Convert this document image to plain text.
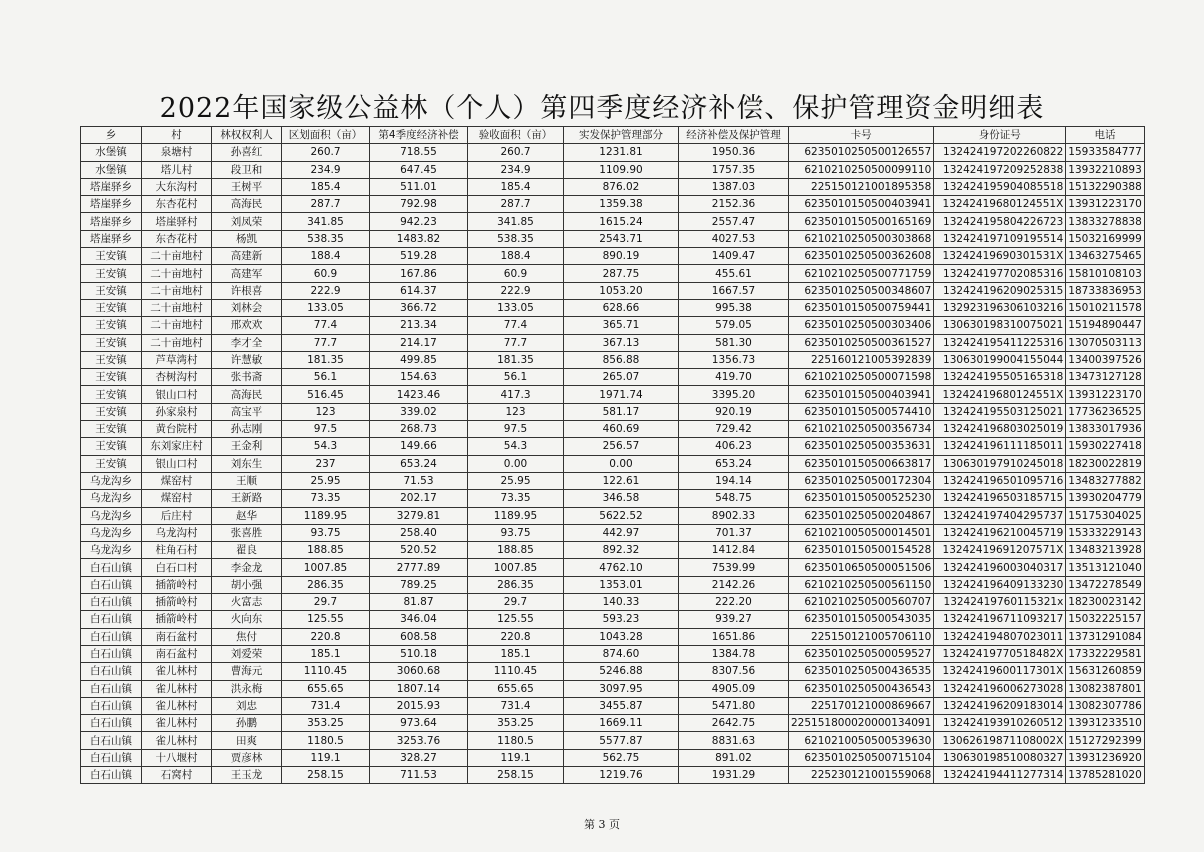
2022年国家级公益林（个人）第四季度经济补偿、保护管理资金明细表
乡	村	林权权利人	区划面积（亩）	第4季度经济补偿	验收面积（亩）	实发保护管理部分	经济补偿及保护管理	卡号	身份证号	电话
水堡镇	泉塘村	孙喜红	260.7	718.55	260.7	1231.81	1950.36	6235010250500126557	132424197202260822	15933584777
水堡镇	塔儿村	段卫和	234.9	647.45	234.9	1109.90	1757.35	6210210250500099110	132424197209252838	13932210893
塔崖驿乡	大东沟村	王树平	185.4	511.01	185.4	876.02	1387.03	225150121001895358	132424195904085518	15132290388
塔崖驿乡	东杏花村	高海民	287.7	792.98	287.7	1359.38	2152.36	6235010150500403941	13242419680124551X	13931223170
塔崖驿乡	塔崖驿村	刘凤荣	341.85	942.23	341.85	1615.24	2557.47	6235010150500165169	132424195804226723	13833278838
塔崖驿乡	东杏花村	杨凯	538.35	1483.82	538.35	2543.71	4027.53	6210210250500303868	132424197109195514	15032169999
王安镇	二十亩地村	高建新	188.4	519.28	188.4	890.19	1409.47	6235010250500362608	13242419690301531X	13463275465
王安镇	二十亩地村	高建军	60.9	167.86	60.9	287.75	455.61	6210210250500771759	132424197702085316	15810108103
王安镇	二十亩地村	许根喜	222.9	614.37	222.9	1053.20	1667.57	6235010250500348607	132424196209025315	18733836953
王安镇	二十亩地村	刘林会	133.05	366.72	133.05	628.66	995.38	6235010150500759441	132923196306103216	15010211578
王安镇	二十亩地村	邢欢欢	77.4	213.34	77.4	365.71	579.05	6235010250500303406	130630198310075021	15194890447
王安镇	二十亩地村	李才全	77.7	214.17	77.7	367.13	581.30	6235010250500361527	132424195411225316	13070503113
王安镇	芦草湾村	许慧敏	181.35	499.85	181.35	856.88	1356.73	225160121005392839	130630199004155044	13400397526
王安镇	杏树沟村	张书斋	56.1	154.63	56.1	265.07	419.70	6210210250500071598	132424195505165318	13473127128
王安镇	银山口村	高海民	516.45	1423.46	417.3	1971.74	3395.20	6235010150500403941	13242419680124551X	13931223170
王安镇	孙家泉村	高宝平	123	339.02	123	581.17	920.19	6235010150500574410	132424195503125021	17736236525
王安镇	黄台院村	孙志刚	97.5	268.73	97.5	460.69	729.42	6210210250500356734	132424196803025019	13833017936
王安镇	东刘家庄村	王金利	54.3	149.66	54.3	256.57	406.23	6235010250500353631	132424196111185011	15930227418
王安镇	银山口村	刘东生	237	653.24	0.00	0.00	653.24	6235010150500663817	130630197910245018	18230022819
乌龙沟乡	煤窑村	王顺	25.95	71.53	25.95	122.61	194.14	6235010250500172304	132424196501095716	13483277882
乌龙沟乡	煤窑村	王新路	73.35	202.17	73.35	346.58	548.75	6235010150500525230	132424196503185715	13930204779
乌龙沟乡	后庄村	赵华	1189.95	3279.81	1189.95	5622.52	8902.33	6235010250500204867	132424197404295737	15175304025
乌龙沟乡	乌龙沟村	张喜胜	93.75	258.40	93.75	442.97	701.37	6210210050500014501	132424196210045719	15333229143
乌龙沟乡	柱角石村	翟良	188.85	520.52	188.85	892.32	1412.84	6235010150500154528	13242419691207571X	13483213928
白石山镇	白石口村	李金龙	1007.85	2777.89	1007.85	4762.10	7539.99	6235010650500051506	132424196003040317	13513121040
白石山镇	插箭岭村	胡小强	286.35	789.25	286.35	1353.01	2142.26	6210210250500561150	132424196409133230	13472278549
白石山镇	插箭岭村	火富志	29.7	81.87	29.7	140.33	222.20	6210210250500560707	13242419760115321x	18230023142
白石山镇	插箭岭村	火向东	125.55	346.04	125.55	593.23	939.27	6235010150500543035	132424196711093217	15032225157
白石山镇	南石盆村	焦付	220.8	608.58	220.8	1043.28	1651.86	225150121005706110	132424194807023011	13731291084
白石山镇	南石盆村	刘爱荣	185.1	510.18	185.1	874.60	1384.78	6235010250500059527	13242419770518482X	17332229581
白石山镇	雀儿林村	曹海元	1110.45	3060.68	1110.45	5246.88	8307.56	6235010250500436535	13242419600117301X	15631260859
白石山镇	雀儿林村	洪永梅	655.65	1807.14	655.65	3097.95	4905.09	6235010250500436543	132424196006273028	13082387801
白石山镇	雀儿林村	刘忠	731.4	2015.93	731.4	3455.87	5471.80	225170121000869667	132424196209183014	13082307786
白石山镇	雀儿林村	孙鹏	353.25	973.64	353.25	1669.11	2642.75	225151800020000134091	132424193910260512	13931233510
白石山镇	雀儿林村	田爽	1180.5	3253.76	1180.5	5577.87	8831.63	6210210050500539630	13062619871108002X	15127292399
白石山镇	十八堰村	贾彦林	119.1	328.27	119.1	562.75	891.02	6235010250500715104	130630198510080327	13931236920
白石山镇	石窝村	王玉龙	258.15	711.53	258.15	1219.76	1931.29	225230121001559068	132424194411277314	13785281020
第 3 页
